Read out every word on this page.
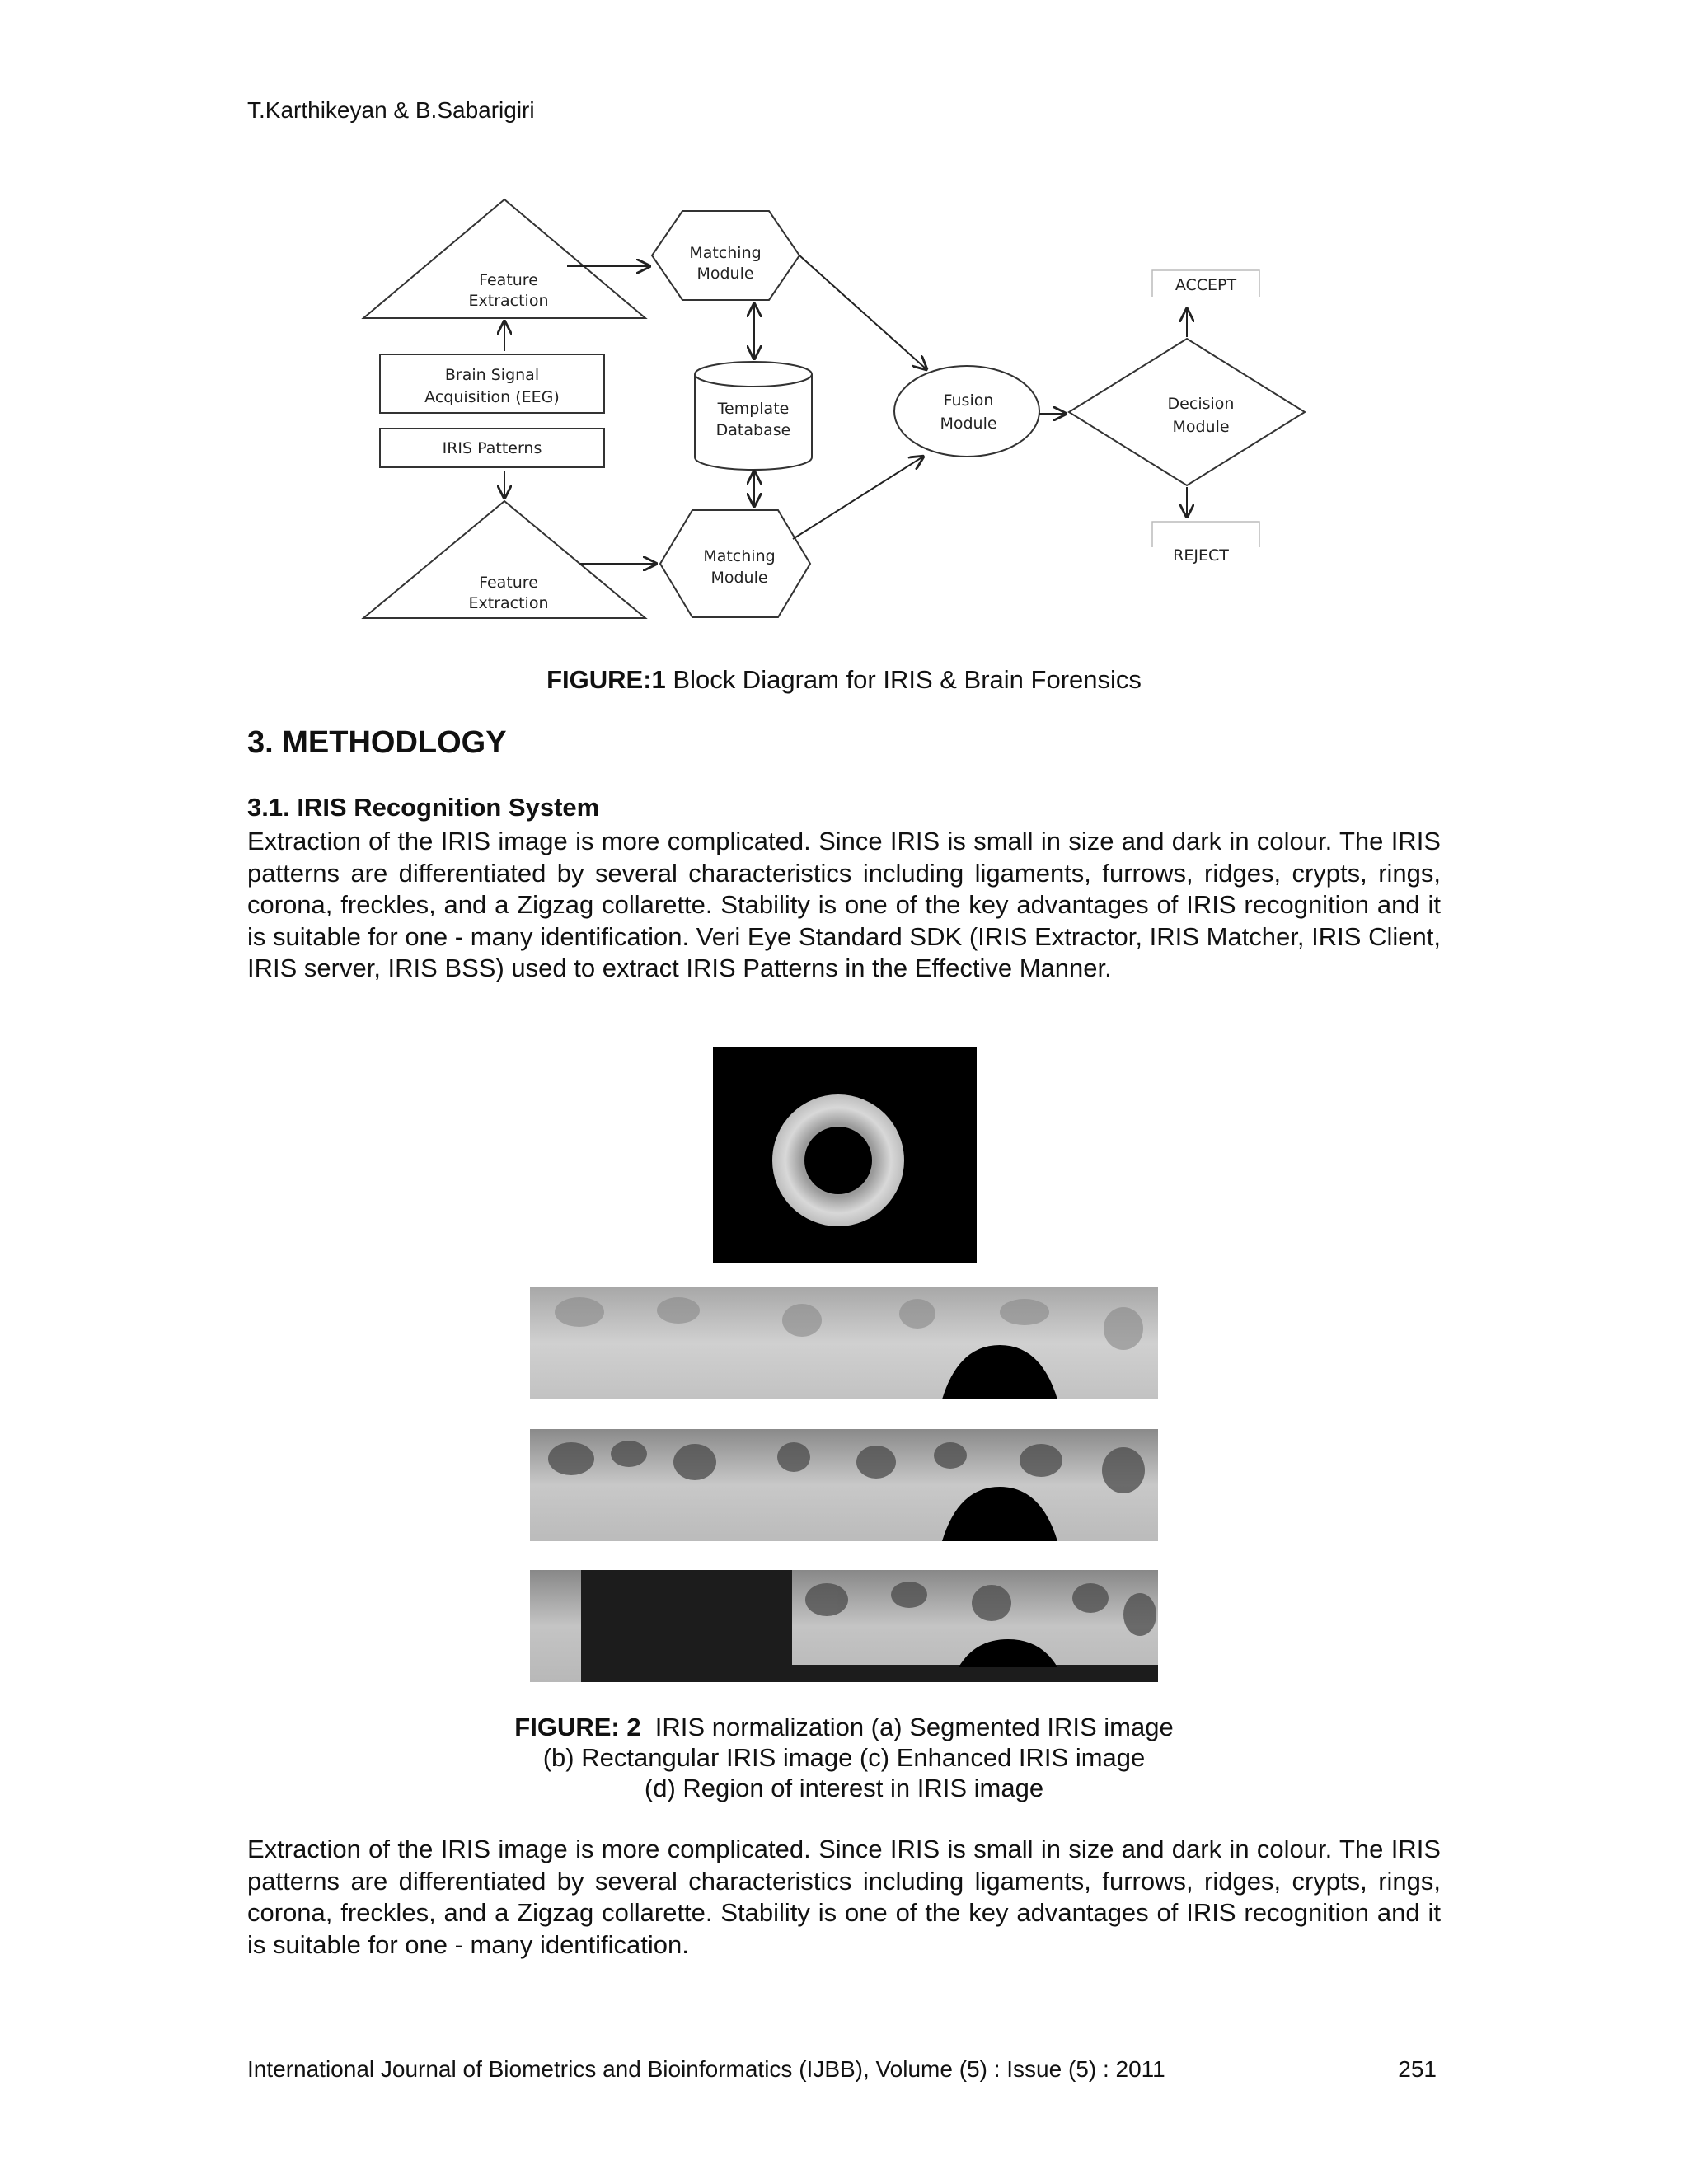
T.Karthikeyan & B.Sabarigiri
Feature
Extraction
Matching
Module
Brain Signal
Acquisition (EEG)
IRIS Patterns
Template
Database
Fusion
Module
Decision
Module
ACCEPT
REJECT
Feature
Extraction
Matching
Module
FIGURE:1 Block Diagram for IRIS & Brain Forensics
3. METHODLOGY
3.1. IRIS Recognition System
Extraction of the IRIS image is more complicated. Since IRIS is small in size and dark in colour. The IRIS patterns are differentiated by several characteristics including ligaments, furrows, ridges, crypts, rings, corona, freckles, and a Zigzag collarette. Stability is one of the key advantages of IRIS recognition and it is suitable for one - many identification. Veri Eye Standard SDK (IRIS Extractor, IRIS Matcher, IRIS Client, IRIS server, IRIS BSS) used to extract IRIS Patterns in the Effective Manner.
FIGURE: 2  IRIS normalization (a) Segmented IRIS image
(b) Rectangular IRIS image (c) Enhanced IRIS image
(d) Region of interest in IRIS image
Extraction of the IRIS image is more complicated. Since IRIS is small in size and dark in colour. The IRIS patterns are differentiated by several characteristics including ligaments, furrows, ridges, crypts, rings, corona, freckles, and a Zigzag collarette. Stability is one of the key advantages of IRIS recognition and it is suitable for one - many identification.
International Journal of Biometrics and Bioinformatics (IJBB), Volume (5) : Issue (5) : 2011	251
